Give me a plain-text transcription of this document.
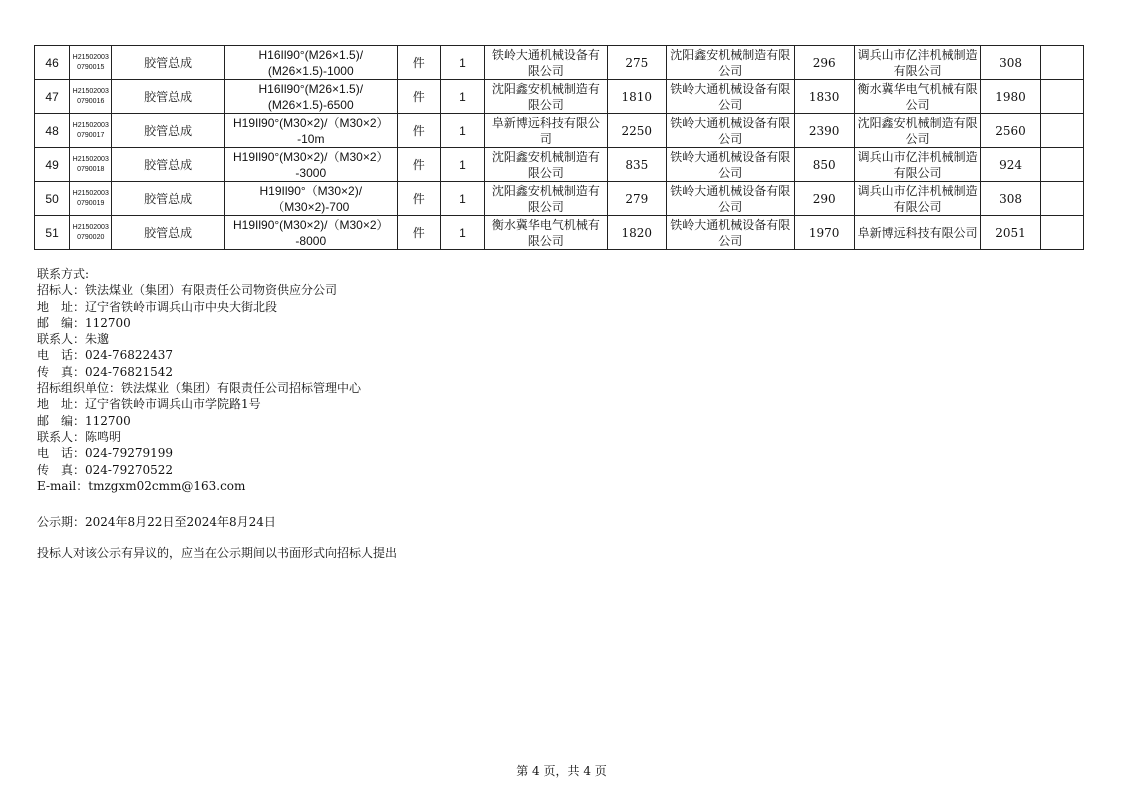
46	H215020030790015	胶管总成	H16Il90°(M26×1.5)/
(M26×1.5)-1000	件	1	铁岭大通机械设备有限公司	275	沈阳鑫安机械制造有限公司	296	调兵山市亿沣机械制造有限公司	308	
47	H215020030790016	胶管总成	H16Il90°(M26×1.5)/
(M26×1.5)-6500	件	1	沈阳鑫安机械制造有限公司	1810	铁岭大通机械设备有限公司	1830	衡水冀华电气机械有限公司	1980	
48	H215020030790017	胶管总成	H19Il90°(M30×2)/（M30×2）
-10m	件	1	阜新博远科技有限公司	2250	铁岭大通机械设备有限公司	2390	沈阳鑫安机械制造有限公司	2560	
49	H215020030790018	胶管总成	H19Il90°(M30×2)/（M30×2）
-3000	件	1	沈阳鑫安机械制造有限公司	835	铁岭大通机械设备有限公司	850	调兵山市亿沣机械制造有限公司	924	
50	H215020030790019	胶管总成	H19Il90°（M30×2)/
（M30×2)-700	件	1	沈阳鑫安机械制造有限公司	279	铁岭大通机械设备有限公司	290	调兵山市亿沣机械制造有限公司	308	
51	H215020030790020	胶管总成	H19Il90°(M30×2)/（M30×2）
-8000	件	1	衡水冀华电气机械有限公司	1820	铁岭大通机械设备有限公司	1970	阜新博远科技有限公司	2051	
联系方式:
招标人：铁法煤业（集团）有限责任公司物资供应分公司
地　址：辽宁省铁岭市调兵山市中央大街北段
邮　编：112700
联系人：朱邈
电　话：024-76822437
传　真：024-76821542
招标组织单位：铁法煤业（集团）有限责任公司招标管理中心
地　址：辽宁省铁岭市调兵山市学院路1号
邮　编：112700
联系人：陈鸣明
电　话：024-79279199
传　真：024-79270522
E-mail：tmzgxm02cmm@163.com
公示期：2024年8月22日至2024年8月24日
投标人对该公示有异议的，应当在公示期间以书面形式向招标人提出
第 4 页，共 4 页
